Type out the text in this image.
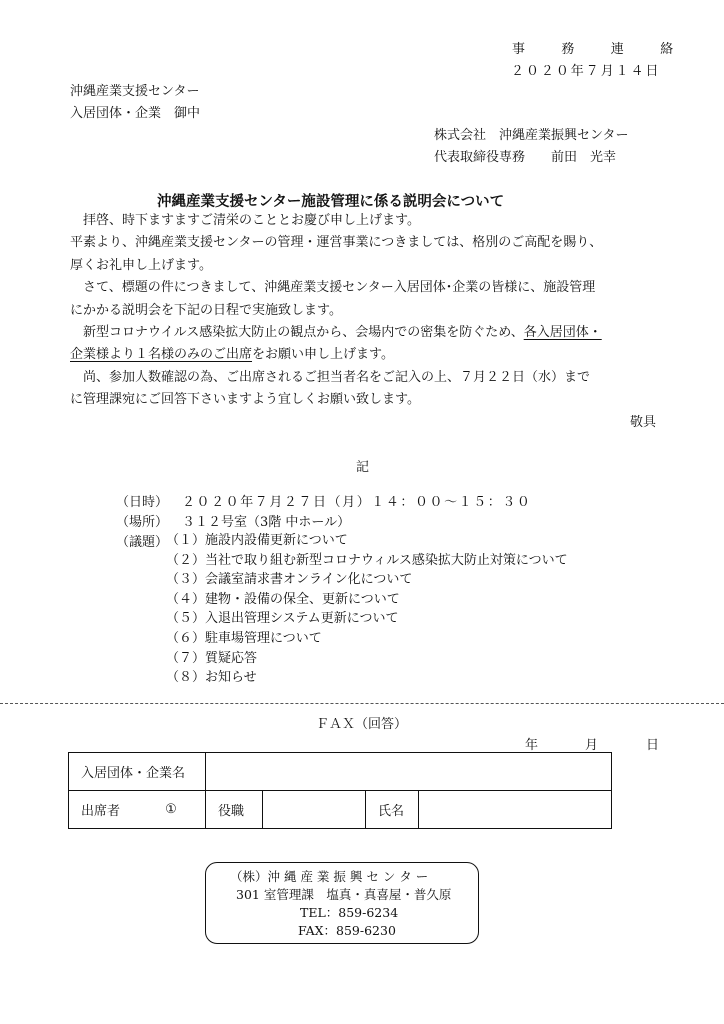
事　務　連　絡
２０２０年７月１４日
沖縄産業支援センター
入居団体・企業　御中
株式会社　沖縄産業振興センター
代表取締役専務　　前田　光幸
沖縄産業支援センター施設管理に係る説明会について
拝啓、時下ますますご清栄のこととお慶び申し上げます。
平素より、沖縄産業支援センターの管理・運営事業につきましては、格別のご高配を賜り、
厚くお礼申し上げます。
さて、標題の件につきまして、沖縄産業支援センター入居団体･企業の皆様に、施設管理
にかかる説明会を下記の日程で実施致します。
新型コロナウイルス感染拡大防止の観点から、会場内での密集を防ぐため、各入居団体・
企業様より１名様のみのご出席をお願い申し上げます。
尚、参加人数確認の為、ご出席されるご担当者名をご記入の上、７月２２日（水）まで
に管理課宛にご回答下さいますよう宜しくお願い致します。
敬具
記
（日時） ２０２０年７月２７日（月）１４：００～１５：３０
（場所） ３１２号室（3階 中ホール）
（議題）
（１）施設内設備更新について
（２）当社で取り組む新型コロナウィルス感染拡大防止対策について
（３）会議室請求書オンライン化について
（４）建物・設備の保全、更新について
（５）入退出管理システム更新について
（６）駐車場管理について
（７）質疑応答
（８）お知らせ
ＦＡＸ（回答）
年	月	日
入居団体・企業名				

出席者 ①	役職		氏名	
（株）沖 縄 産 業 振 興 セ ン タ ー
301 室管理課　塩真・真喜屋・普久原
TEL：859-6234
FAX：859-6230
